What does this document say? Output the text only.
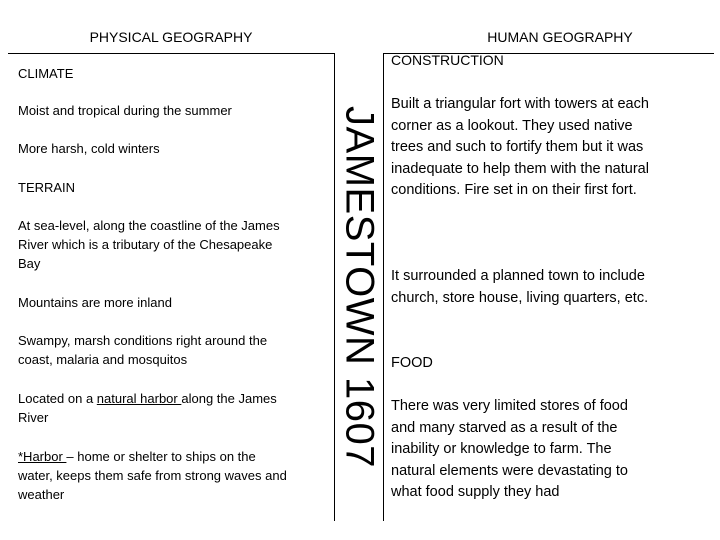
PHYSICAL GEOGRAPHY	HUMAN GEOGRAPHY
JAMESTOWN 1607
CLIMATE
Moist and tropical during the summer
More harsh, cold winters
TERRAIN
At sea-level, along the coastline of the James River which is a tributary of the Chesapeake Bay
Mountains are more inland
Swampy, marsh conditions right around the coast, malaria and mosquitos
Located on a natural harbor along the James River
*Harbor – home or shelter to ships on the water, keeps them safe from strong waves and weather
CONSTRUCTION
Built a triangular fort with towers at each corner as a lookout. They used native trees and such to fortify them but it was inadequate to help them with the natural conditions. Fire set in on their first fort.
It surrounded a planned town to include church, store house, living quarters, etc.
FOOD
There was very limited stores of food and many starved as a result of the inability or knowledge to farm. The natural elements were devastating to what food supply they had
